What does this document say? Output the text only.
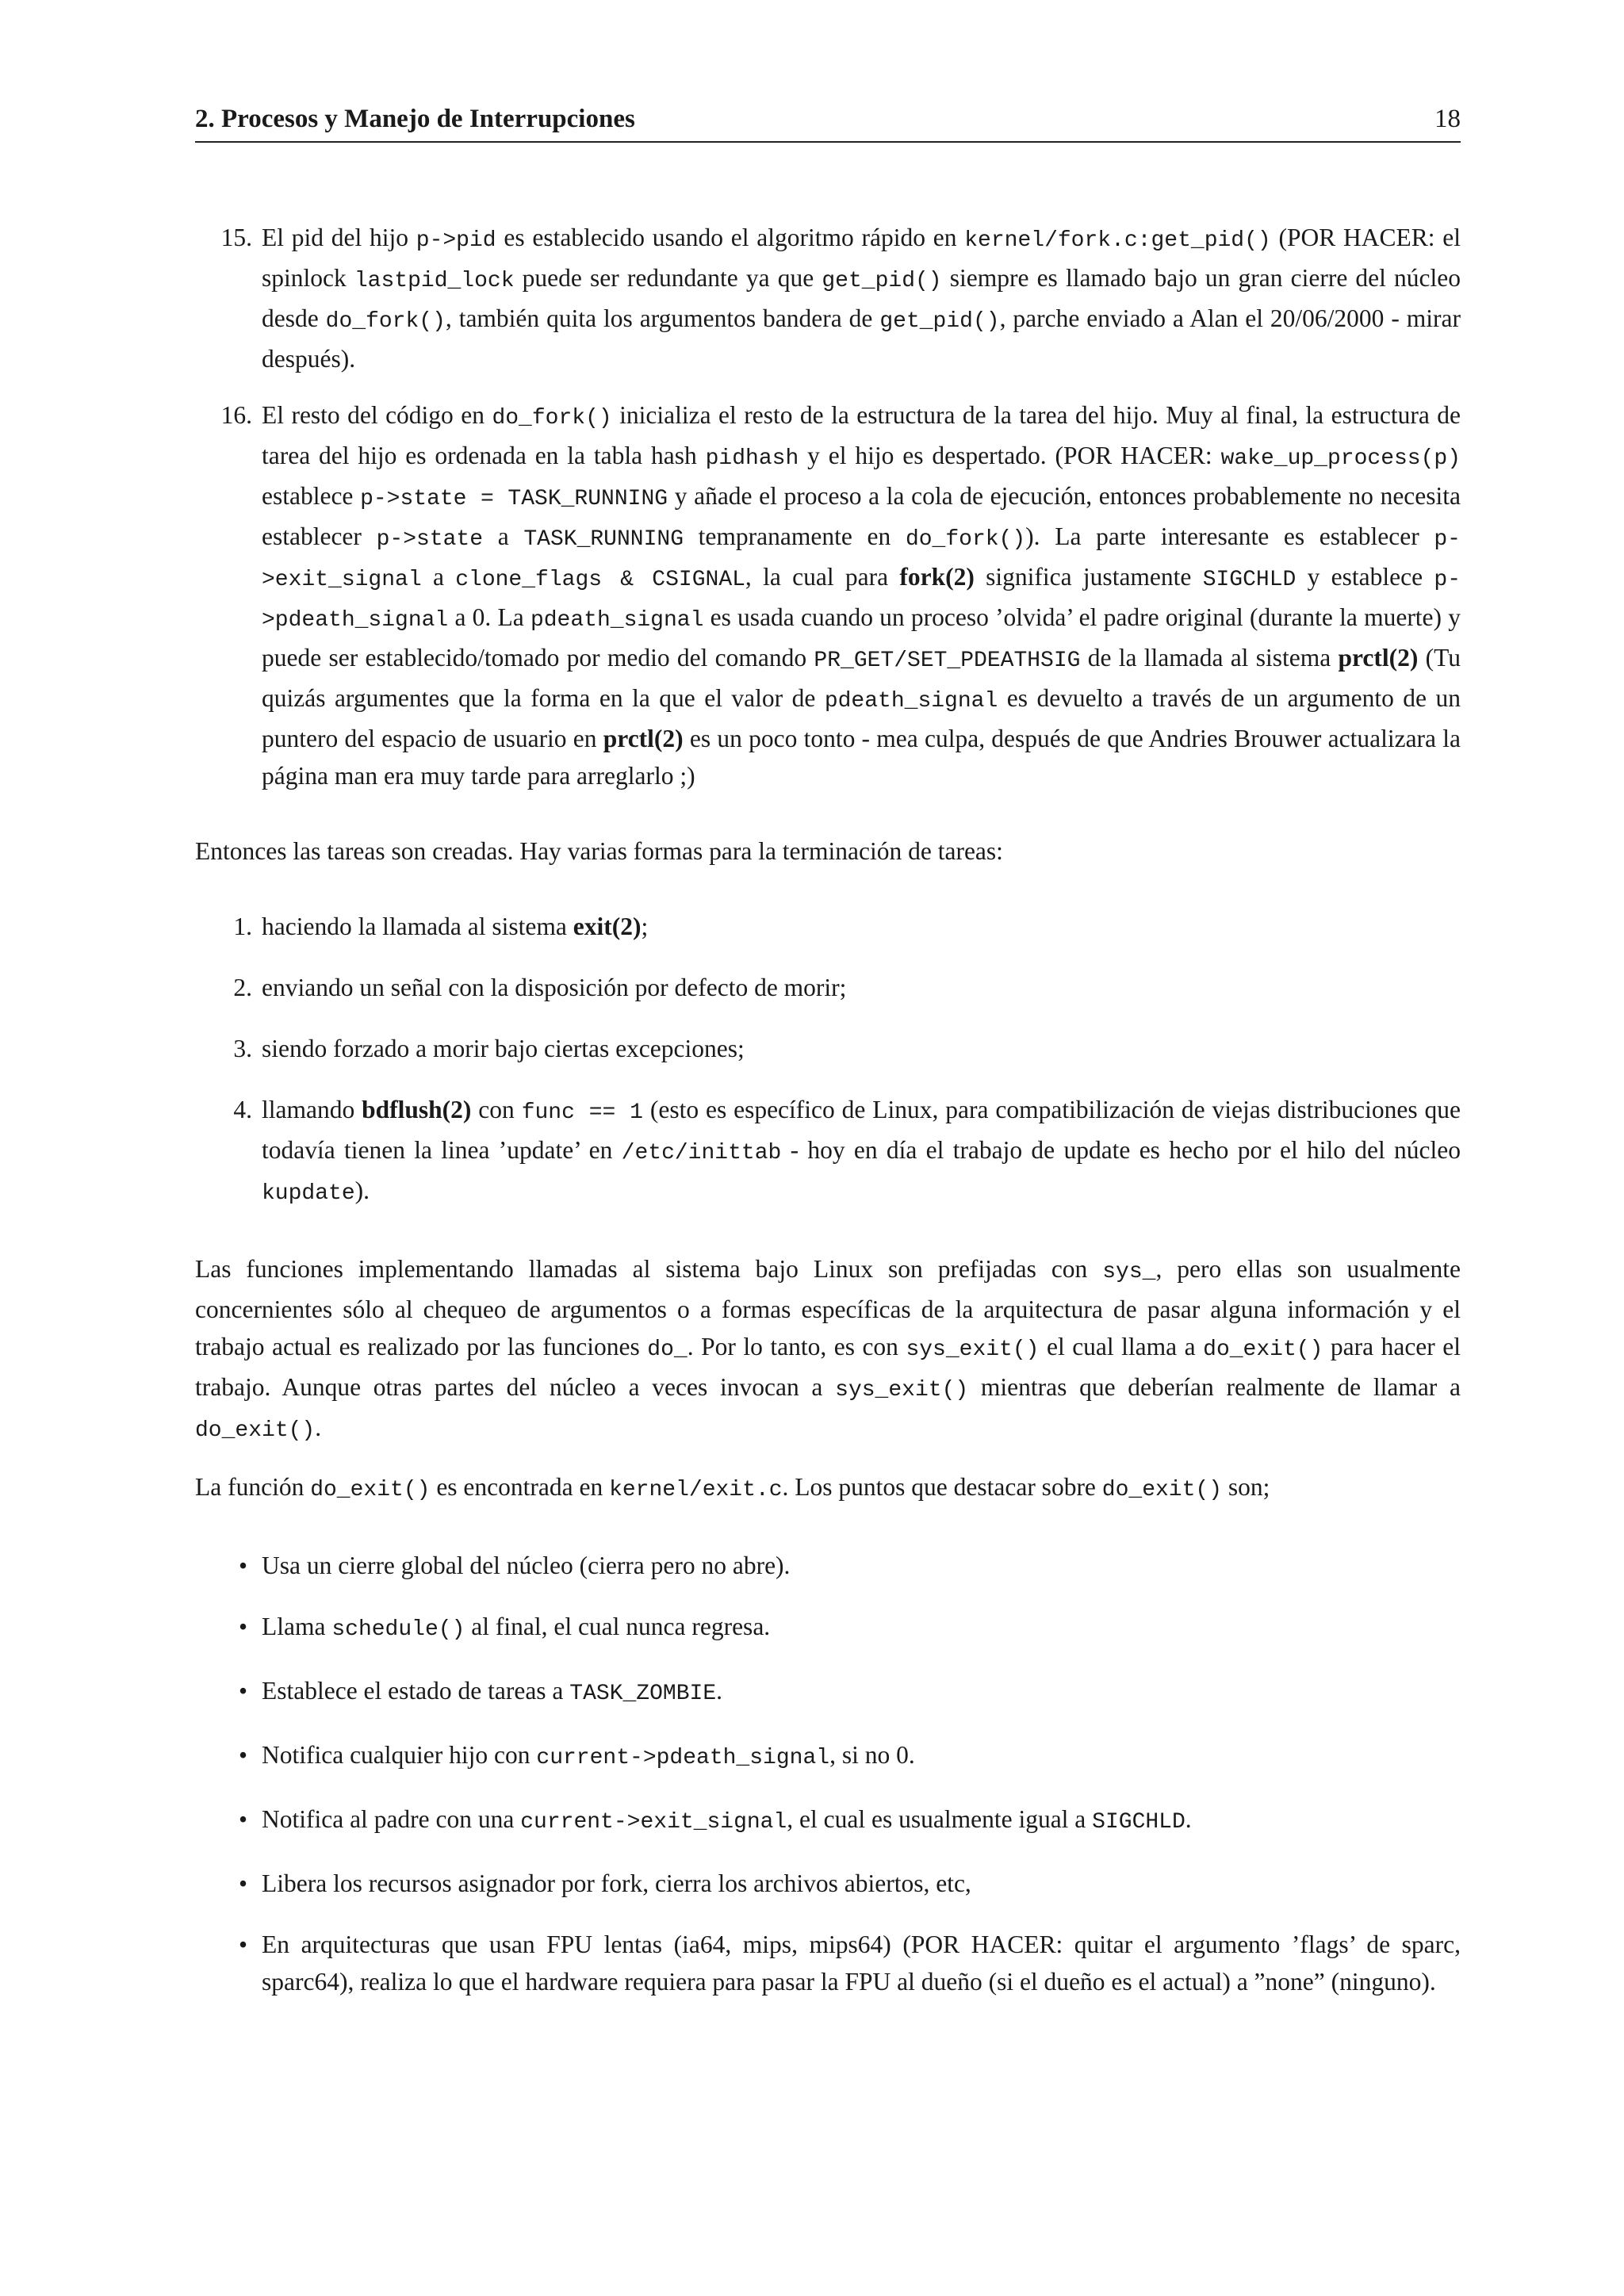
2. Procesos y Manejo de Interrupciones	18
15. El pid del hijo p->pid es establecido usando el algoritmo rápido en kernel/fork.c:get_pid() (POR HACER: el spinlock lastpid_lock puede ser redundante ya que get_pid() siempre es llamado bajo un gran cierre del núcleo desde do_fork(), también quita los argumentos bandera de get_pid(), parche enviado a Alan el 20/06/2000 - mirar después).
16. El resto del código en do_fork() inicializa el resto de la estructura de la tarea del hijo. Muy al final, la estructura de tarea del hijo es ordenada en la tabla hash pidhash y el hijo es despertado. (POR HACER: wake_up_process(p) establece p->state = TASK_RUNNING y añade el proceso a la cola de ejecución, entonces probablemente no necesita establecer p->state a TASK_RUNNING tempranamente en do_fork()). La parte interesante es establecer p->exit_signal a clone_flags & CSIGNAL, la cual para fork(2) significa justamente SIGCHLD y establece p->pdeath_signal a 0. La pdeath_signal es usada cuando un proceso ’olvida’ el padre original (durante la muerte) y puede ser establecido/tomado por medio del comando PR_GET/SET_PDEATHSIG de la llamada al sistema prctl(2) (Tu quizás argumentes que la forma en la que el valor de pdeath_signal es devuelto a través de un argumento de un puntero del espacio de usuario en prctl(2) es un poco tonto - mea culpa, después de que Andries Brouwer actualizara la página man era muy tarde para arreglarlo ;)

Entonces las tareas son creadas. Hay varias formas para la terminación de tareas:

1. haciendo la llamada al sistema exit(2);
2. enviando un señal con la disposición por defecto de morir;
3. siendo forzado a morir bajo ciertas excepciones;
4. llamando bdflush(2) con func == 1 (esto es específico de Linux, para compatibilización de viejas distribuciones que todavía tienen la linea ’update’ en /etc/inittab - hoy en día el trabajo de update es hecho por el hilo del núcleo kupdate).

Las funciones implementando llamadas al sistema bajo Linux son prefijadas con sys_, pero ellas son usualmente concernientes sólo al chequeo de argumentos o a formas específicas de la arquitectura de pasar alguna información y el trabajo actual es realizado por las funciones do_. Por lo tanto, es con sys_exit() el cual llama a do_exit() para hacer el trabajo. Aunque otras partes del núcleo a veces invocan a sys_exit() mientras que deberían realmente de llamar a do_exit().

La función do_exit() es encontrada en kernel/exit.c. Los puntos que destacar sobre do_exit() son;

• Usa un cierre global del núcleo (cierra pero no abre).
• Llama schedule() al final, el cual nunca regresa.
• Establece el estado de tareas a TASK_ZOMBIE.
• Notifica cualquier hijo con current->pdeath_signal, si no 0.
• Notifica al padre con una current->exit_signal, el cual es usualmente igual a SIGCHLD.
• Libera los recursos asignador por fork, cierra los archivos abiertos, etc,
• En arquitecturas que usan FPU lentas (ia64, mips, mips64) (POR HACER: quitar el argumento ’flags’ de sparc, sparc64), realiza lo que el hardware requiera para pasar la FPU al dueño (si el dueño es el actual) a ”none” (ninguno).
